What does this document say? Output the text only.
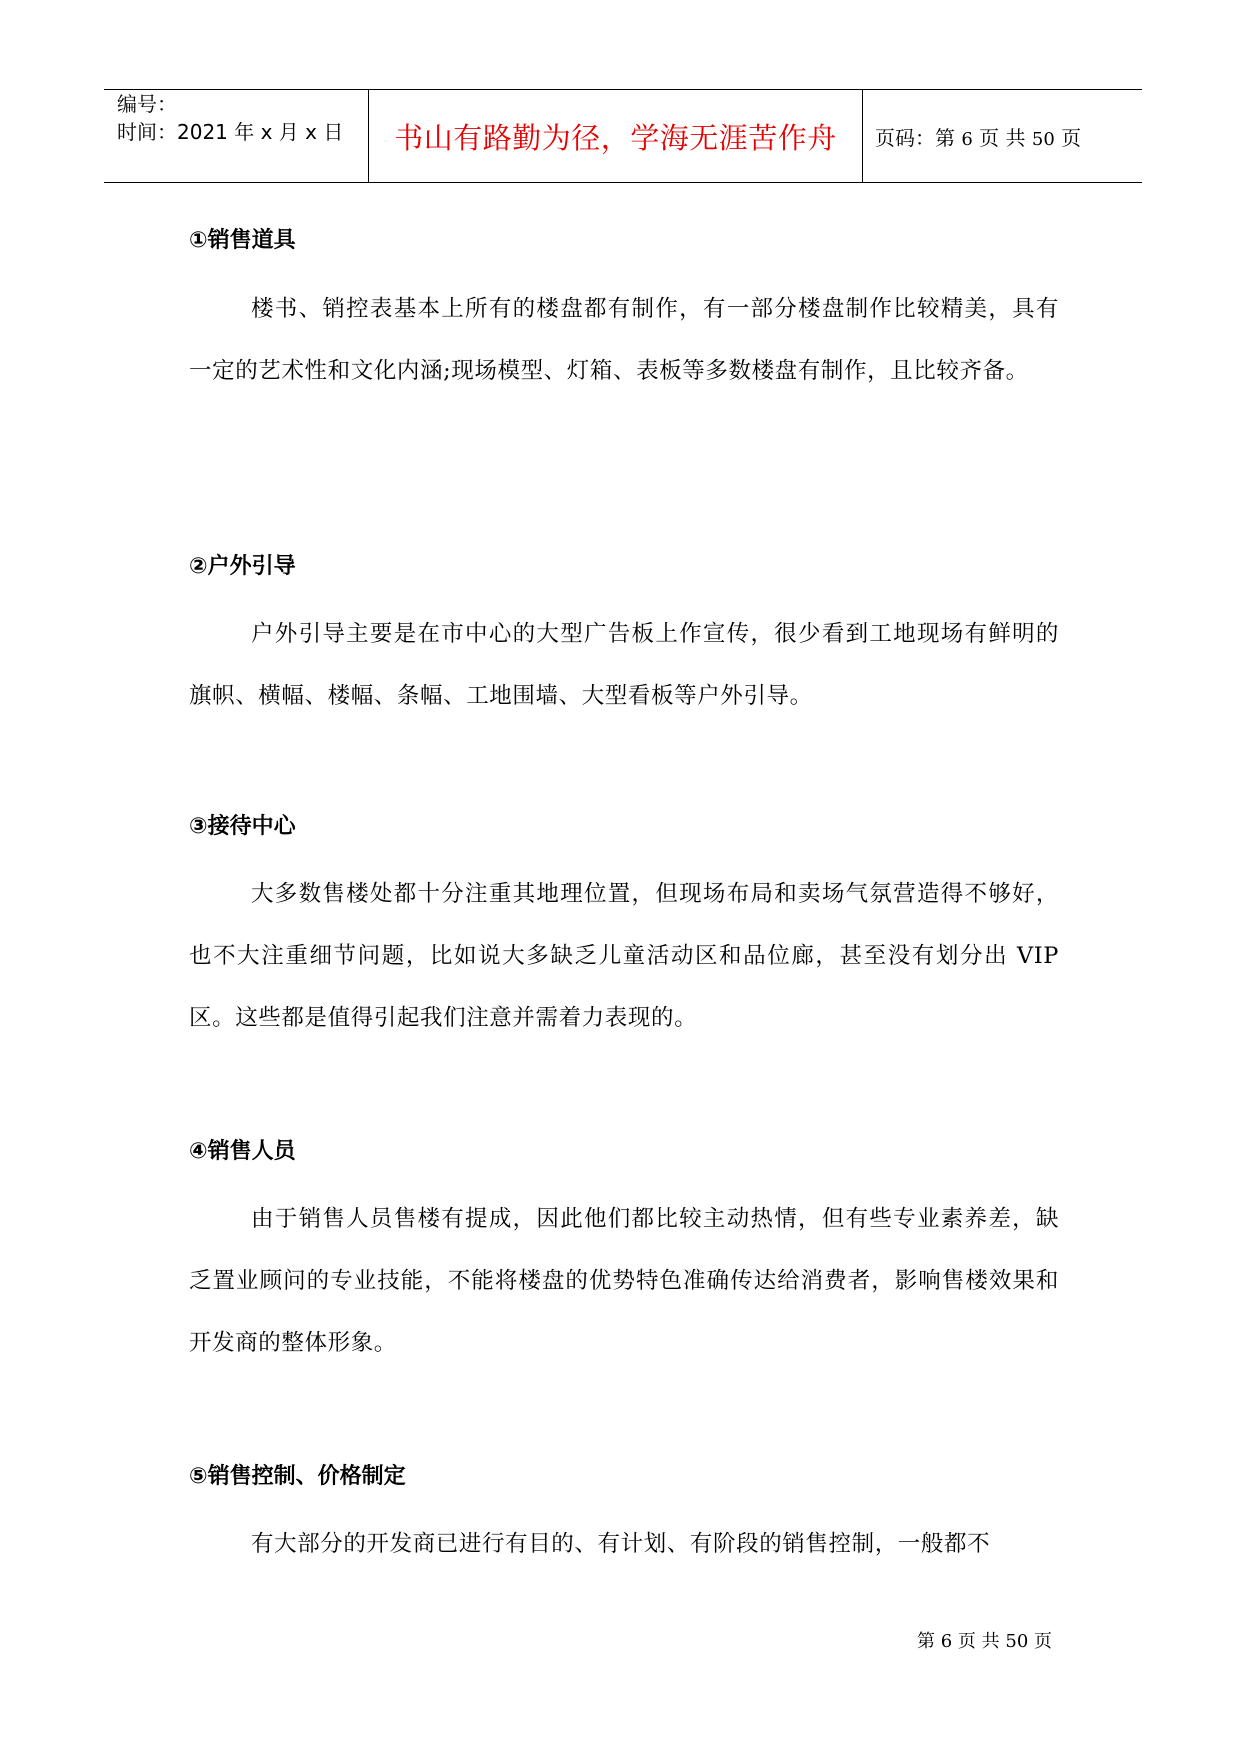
编号：
时间：2021 年 x 月 x 日 书山有路勤为径，学海无涯苦作舟 页码：第 6 页 共 50 页
①销售道具
楼书、销控表基本上所有的楼盘都有制作，有一部分楼盘制作比较精美，具有一定的艺术性和文化内涵;现场模型、灯箱、表板等多数楼盘有制作，且比较齐备。
②户外引导
户外引导主要是在市中心的大型广告板上作宣传，很少看到工地现场有鲜明的旗帜、横幅、楼幅、条幅、工地围墙、大型看板等户外引导。
③接待中心
大多数售楼处都十分注重其地理位置，但现场布局和卖场气氛营造得不够好，也不大注重细节问题，比如说大多缺乏儿童活动区和品位廊，甚至没有划分出 VIP 区。这些都是值得引起我们注意并需着力表现的。
④销售人员
由于销售人员售楼有提成，因此他们都比较主动热情，但有些专业素养差，缺乏置业顾问的专业技能，不能将楼盘的优势特色准确传达给消费者，影响售楼效果和开发商的整体形象。
⑤销售控制、价格制定
有大部分的开发商已进行有目的、有计划、有阶段的销售控制，一般都不
第 6 页 共 50 页
